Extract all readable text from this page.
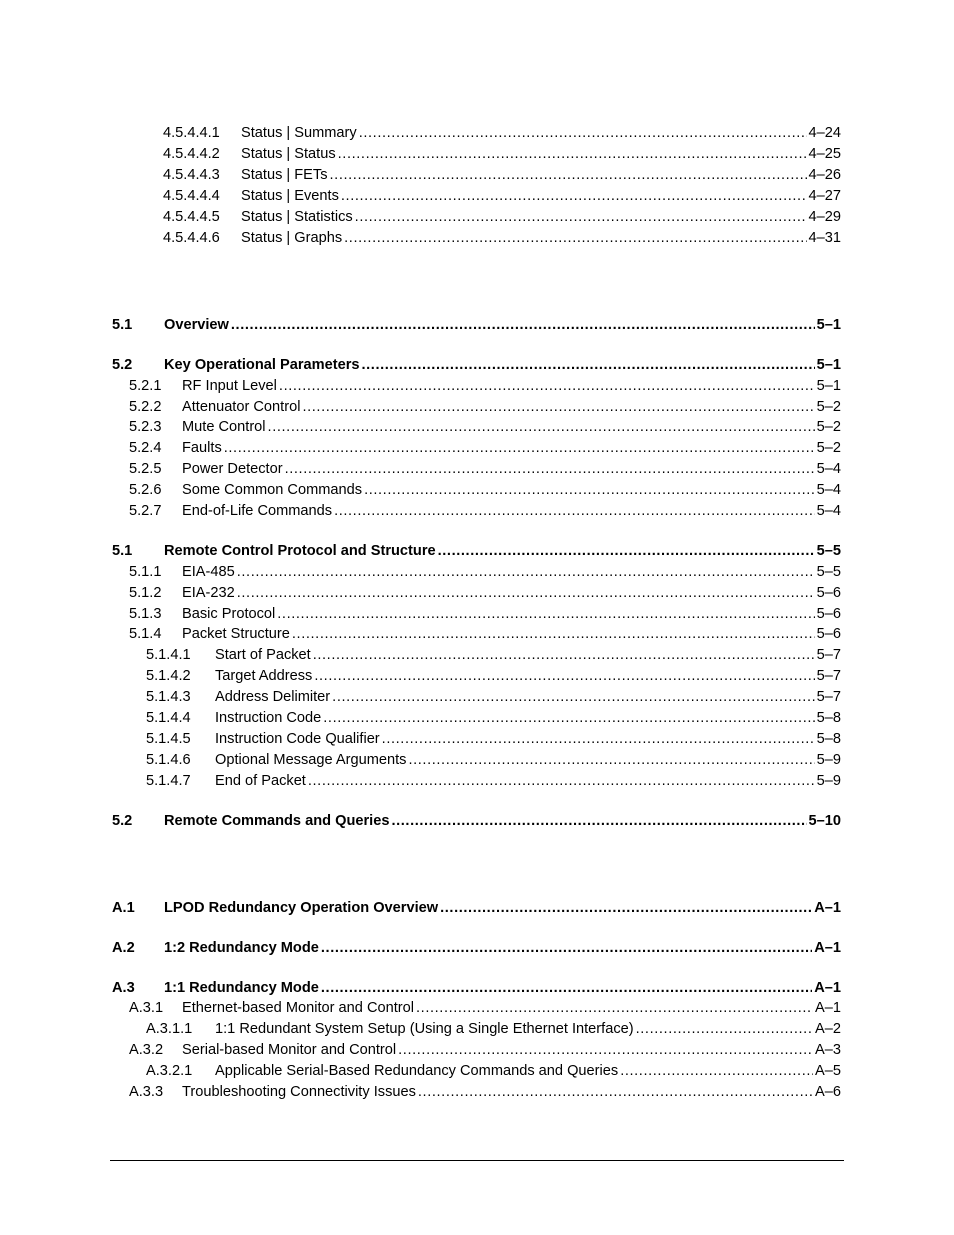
4.5.4.4.1	Status | Summary .....	4–24
4.5.4.4.2	Status | Status .....	4–25
4.5.4.4.3	Status | FETs .....	4–26
4.5.4.4.4	Status | Events .....	4–27
4.5.4.4.5	Status | Statistics .....	4–29
4.5.4.4.6	Status | Graphs .....	4–31
5.1	Overview .....	5–1
5.2	Key Operational Parameters .....	5–1
5.2.1	RF Input Level .....	5–1
5.2.2	Attenuator Control .....	5–2
5.2.3	Mute Control .....	5–2
5.2.4	Faults .....	5–2
5.2.5	Power Detector .....	5–4
5.2.6	Some Common Commands .....	5–4
5.2.7	End-of-Life Commands .....	5–4
5.1	Remote Control Protocol and Structure .....	5–5
5.1.1	EIA-485 .....	5–5
5.1.2	EIA-232 .....	5–6
5.1.3	Basic Protocol .....	5–6
5.1.4	Packet Structure .....	5–6
5.1.4.1	Start of Packet .....	5–7
5.1.4.2	Target Address .....	5–7
5.1.4.3	Address Delimiter .....	5–7
5.1.4.4	Instruction Code .....	5–8
5.1.4.5	Instruction Code Qualifier .....	5–8
5.1.4.6	Optional Message Arguments .....	5–9
5.1.4.7	End of Packet .....	5–9
5.2	Remote Commands and Queries .....	5–10
A.1	LPOD Redundancy Operation Overview .....	A–1
A.2	1:2 Redundancy Mode .....	A–1
A.3	1:1 Redundancy Mode .....	A–1
A.3.1	Ethernet-based Monitor and Control .....	A–1
A.3.1.1	1:1 Redundant System Setup (Using a Single Ethernet Interface) .....	A–2
A.3.2	Serial-based Monitor and Control .....	A–3
A.3.2.1	Applicable Serial-Based Redundancy Commands and Queries .....	A–5
A.3.3	Troubleshooting Connectivity Issues .....	A–6
